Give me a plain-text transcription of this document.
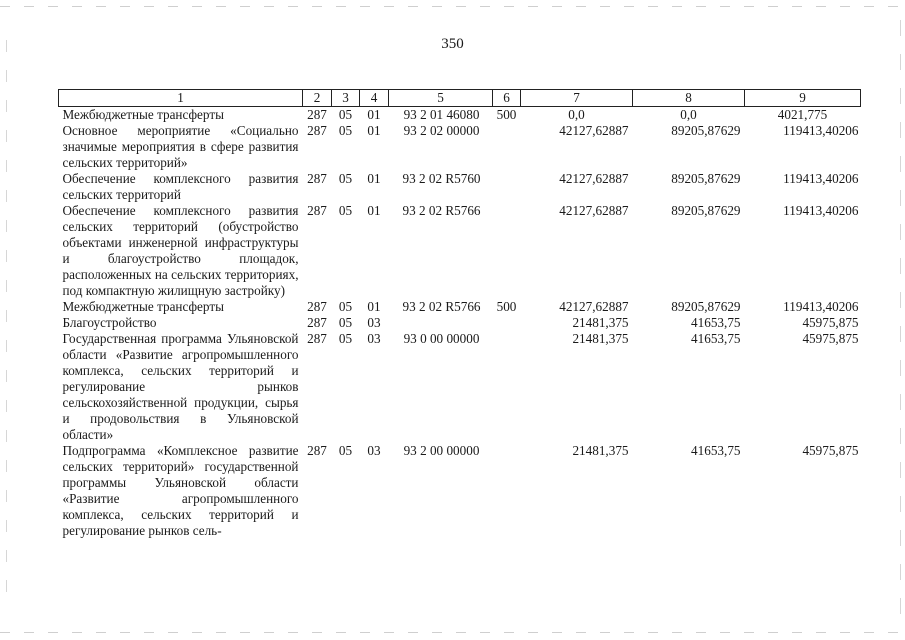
350
1	2	3	4	5	6	7	8	9
Межбюджетные трансферты	287	05	01	93 2 01 46080	500	0,0	0,0	4021,775
Основное мероприятие «Социально значимые мероприятия в сфере развития сельских территорий»	287	05	01	93 2 02 00000		42127,62887	89205,87629	119413,40206
Обеспечение комплексного развития сельских территорий	287	05	01	93 2 02 R5760		42127,62887	89205,87629	119413,40206
Обеспечение комплексного развития сельских территорий (обустройство объектами инженерной инфраструктуры и благоустройство площадок, расположенных на сельских территориях, под компактную жилищную застройку)	287	05	01	93 2 02 R5766		42127,62887	89205,87629	119413,40206
Межбюджетные трансферты	287	05	01	93 2 02 R5766	500	42127,62887	89205,87629	119413,40206
Благоустройство	287	05	03			21481,375	41653,75	45975,875
Государственная программа Ульяновской области «Развитие агропромышленного комплекса, сельских территорий и регулирование рынков сельскохозяйственной продукции, сырья и продовольствия в Ульяновской области»	287	05	03	93 0 00 00000		21481,375	41653,75	45975,875
Подпрограмма «Комплексное развитие сельских территорий» государственной программы Ульяновской области «Развитие агропромышленного комплекса, сельских территорий и регулирование рынков сель-	287	05	03	93 2 00 00000		21481,375	41653,75	45975,875
